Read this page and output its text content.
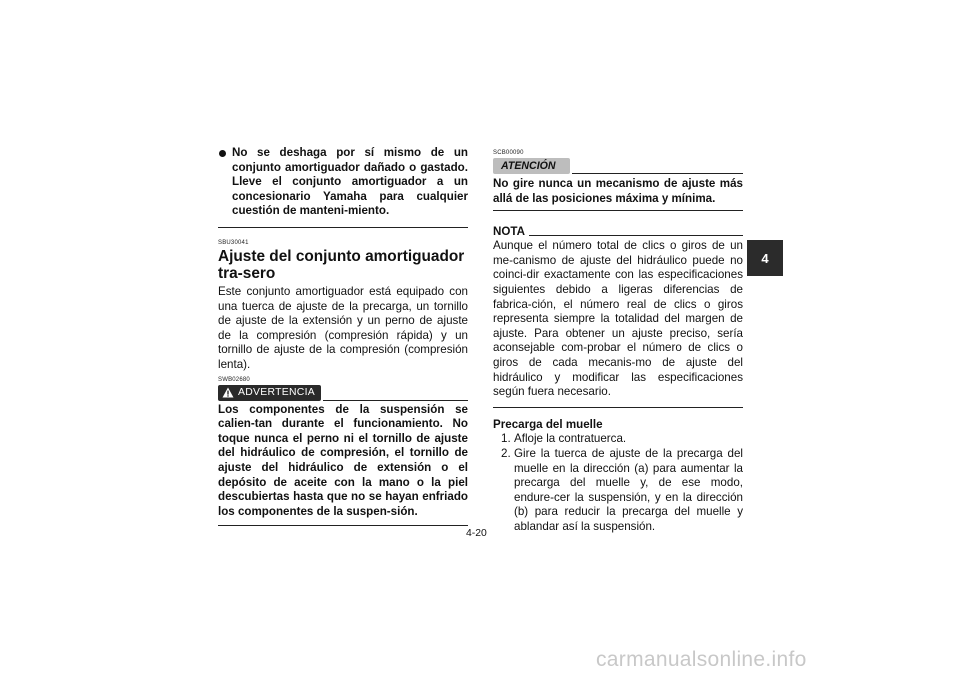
No se deshaga por sí mismo de un conjunto amortiguador dañado o gastado. Lleve el conjunto amortiguador a un concesionario Yamaha para cualquier cuestión de manteni-miento.

SBU30041
Ajuste del conjunto amortiguador tra-sero

Este conjunto amortiguador está equipado con una tuerca de ajuste de la precarga, un tornillo de ajuste de la extensión y un perno de ajuste de la compresión (compresión rápida) y un tornillo de ajuste de la compresión (compresión lenta).

SWB02680
ADVERTENCIA

Los componentes de la suspensión se calien-tan durante el funcionamiento. No toque nunca el perno ni el tornillo de ajuste del hidráulico de compresión, el tornillo de ajuste del hidráulico de extensión o el depósito de aceite con la mano o la piel descubiertas hasta que no se hayan enfriado los componentes de la suspen-sión.

SCB00090
ATENCIÓN

No gire nunca un mecanismo de ajuste más allá de las posiciones máxima y mínima.

NOTA

Aunque el número total de clics o giros de un me-canismo de ajuste del hidráulico puede no coinci-dir exactamente con las especificaciones siguientes debido a ligeras diferencias de fabrica-ción, el número real de clics o giros representa siempre la totalidad del margen de ajuste. Para obtener un ajuste preciso, sería aconsejable com-probar el número de clics o giros de cada mecanis-mo de ajuste del hidráulico y modificar las especificaciones según fuera necesario.

Precarga del muelle

1. Afloje la contratuerca.
2. Gire la tuerca de ajuste de la precarga del muelle en la dirección (a) para aumentar la precarga del muelle y, de ese modo, endure-cer la suspensión, y en la dirección (b) para reducir la precarga del muelle y ablandar así la suspensión.
4
4-20
carmanualsonline.info
